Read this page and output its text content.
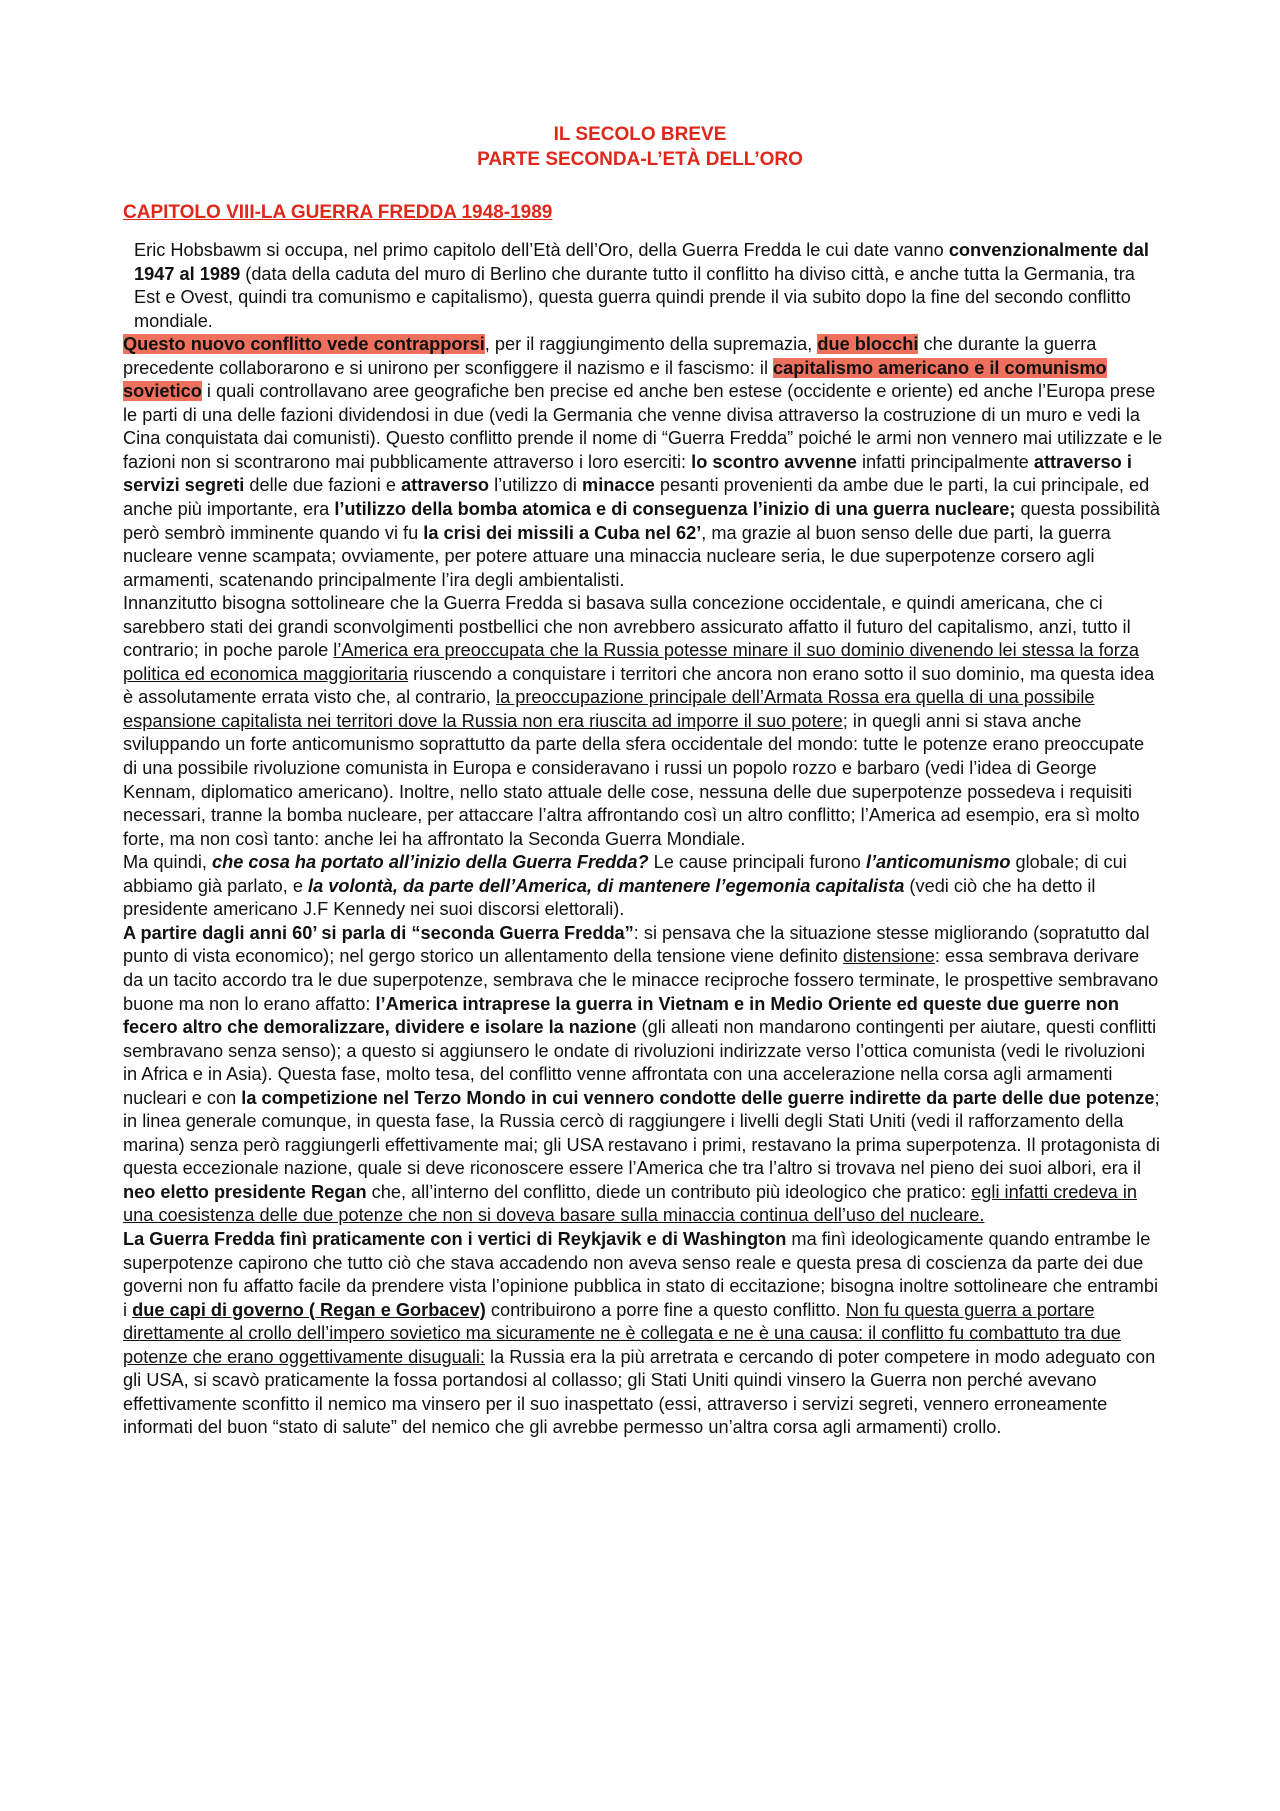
IL SECOLO BREVE
PARTE SECONDA-L’ETÀ DELL’ORO
CAPITOLO VIII-LA GUERRA FREDDA 1948-1989

Eric Hobsbawm si occupa, nel primo capitolo dell’Età dell’Oro, della Guerra Fredda le cui date vanno convenzionalmente dal 1947 al 1989 (data della caduta del muro di Berlino che durante tutto il conflitto ha diviso città, e anche tutta la Germania, tra Est e Ovest, quindi tra comunismo e capitalismo), questa guerra quindi prende il via subito dopo la fine del secondo conflitto mondiale.

Questo nuovo conflitto vede contrapporsi, per il raggiungimento della supremazia, due blocchi che durante la guerra precedente collaborarono e si unirono per sconfiggere il nazismo e il fascismo: il capitalismo americano e il comunismo sovietico i quali controllavano aree geografiche ben precise ed anche ben estese (occidente e oriente) ed anche l’Europa prese le parti di una delle fazioni dividendosi in due (vedi la Germania che venne divisa attraverso la costruzione di un muro e vedi la Cina conquistata dai comunisti). Questo conflitto prende il nome di “Guerra Fredda” poiché le armi non vennero mai utilizzate e le fazioni non si scontrarono mai pubblicamente attraverso i loro eserciti: lo scontro avvenne infatti principalmente attraverso i servizi segreti delle due fazioni e attraverso l’utilizzo di minacce pesanti provenienti da ambe due le parti, la cui principale, ed anche più importante, era l’utilizzo della bomba atomica e di conseguenza l’inizio di una guerra nucleare; questa possibilità però sembrò imminente quando vi fu la crisi dei missili a Cuba nel 62’, ma grazie al buon senso delle due parti, la guerra nucleare venne scampata; ovviamente, per potere attuare una minaccia nucleare seria, le due superpotenze corsero agli armamenti, scatenando principalmente l’ira degli ambientalisti.

Innanzitutto bisogna sottolineare che la Guerra Fredda si basava sulla concezione occidentale, e quindi americana, che ci sarebbero stati dei grandi sconvolgimenti postbellici che non avrebbero assicurato affatto il futuro del capitalismo, anzi, tutto il contrario; in poche parole l’America era preoccupata che la Russia potesse minare il suo dominio divenendo lei stessa la forza politica ed economica maggioritaria riuscendo a conquistare i territori che ancora non erano sotto il suo dominio, ma questa idea è assolutamente errata visto che, al contrario, la preoccupazione principale dell’Armata Rossa era quella di una possibile espansione capitalista nei territori dove la Russia non era riuscita ad imporre il suo potere; in quegli anni si stava anche sviluppando un forte anticomunismo soprattutto da parte della sfera occidentale del mondo: tutte le potenze erano preoccupate di una possibile rivoluzione comunista in Europa e consideravano i russi un popolo rozzo e barbaro (vedi l’idea di George Kennam, diplomatico americano). Inoltre, nello stato attuale delle cose, nessuna delle due superpotenze possedeva i requisiti necessari, tranne la bomba nucleare, per attaccare l’altra affrontando così un altro conflitto; l’America ad esempio, era sì molto forte, ma non così tanto: anche lei ha affrontato la Seconda Guerra Mondiale.

Ma quindi, che cosa ha portato all’inizio della Guerra Fredda? Le cause principali furono l’anticomunismo globale; di cui abbiamo già parlato, e la volontà, da parte dell’America, di mantenere l’egemonia capitalista (vedi ciò che ha detto il presidente americano J.F Kennedy nei suoi discorsi elettorali).

A partire dagli anni 60’ si parla di “seconda Guerra Fredda”: si pensava che la situazione stesse migliorando (sopratutto dal punto di vista economico); nel gergo storico un allentamento della tensione viene definito distensione: essa sembrava derivare da un tacito accordo tra le due superpotenze, sembrava che le minacce reciproche fossero terminate, le prospettive sembravano buone ma non lo erano affatto: l’America intraprese la guerra in Vietnam e in Medio Oriente ed queste due guerre non fecero altro che demoralizzare, dividere e isolare la nazione (gli alleati non mandarono contingenti per aiutare, questi conflitti sembravano senza senso); a questo si aggiunsero le ondate di rivoluzioni indirizzate verso l’ottica comunista (vedi le rivoluzioni in Africa e in Asia). Questa fase, molto tesa, del conflitto venne affrontata con una accelerazione nella corsa agli armamenti nucleari e con la competizione nel Terzo Mondo in cui vennero condotte delle guerre indirette da parte delle due potenze; in linea generale comunque, in questa fase, la Russia cercò di raggiungere i livelli degli Stati Uniti (vedi il rafforzamento della marina) senza però raggiungerli effettivamente mai; gli USA restavano i primi, restavano la prima superpotenza. Il protagonista di questa eccezionale nazione, quale si deve riconoscere essere l’America che tra l’altro si trovava nel pieno dei suoi albori, era il neo eletto presidente Regan che, all’interno del conflitto, diede un contributo più ideologico che pratico: egli infatti credeva in una coesistenza delle due potenze che non si doveva basare sulla minaccia continua dell’uso del nucleare.

La Guerra Fredda finì praticamente con i vertici di Reykjavik e di Washington ma finì ideologicamente quando entrambe le superpotenze capirono che tutto ciò che stava accadendo non aveva senso reale e questa presa di coscienza da parte dei due governi non fu affatto facile da prendere vista l’opinione pubblica in stato di eccitazione; bisogna inoltre sottolineare che entrambi i due capi di governo ( Regan e Gorbacev) contribuirono a porre fine a questo conflitto. Non fu questa guerra a portare direttamente al crollo dell’impero sovietico ma sicuramente ne è collegata e ne è una causa: il conflitto fu combattuto tra due potenze che erano oggettivamente disuguali: la Russia era la più arretrata e cercando di poter competere in modo adeguato con gli USA, si scavò praticamente la fossa portandosi al collasso; gli Stati Uniti quindi vinsero la Guerra non perché avevano effettivamente sconfitto il nemico ma vinsero per il suo inaspettato (essi, attraverso i servizi segreti, vennero erroneamente informati del buon “stato di salute” del nemico che gli avrebbe permesso un’altra corsa agli armamenti) crollo.
